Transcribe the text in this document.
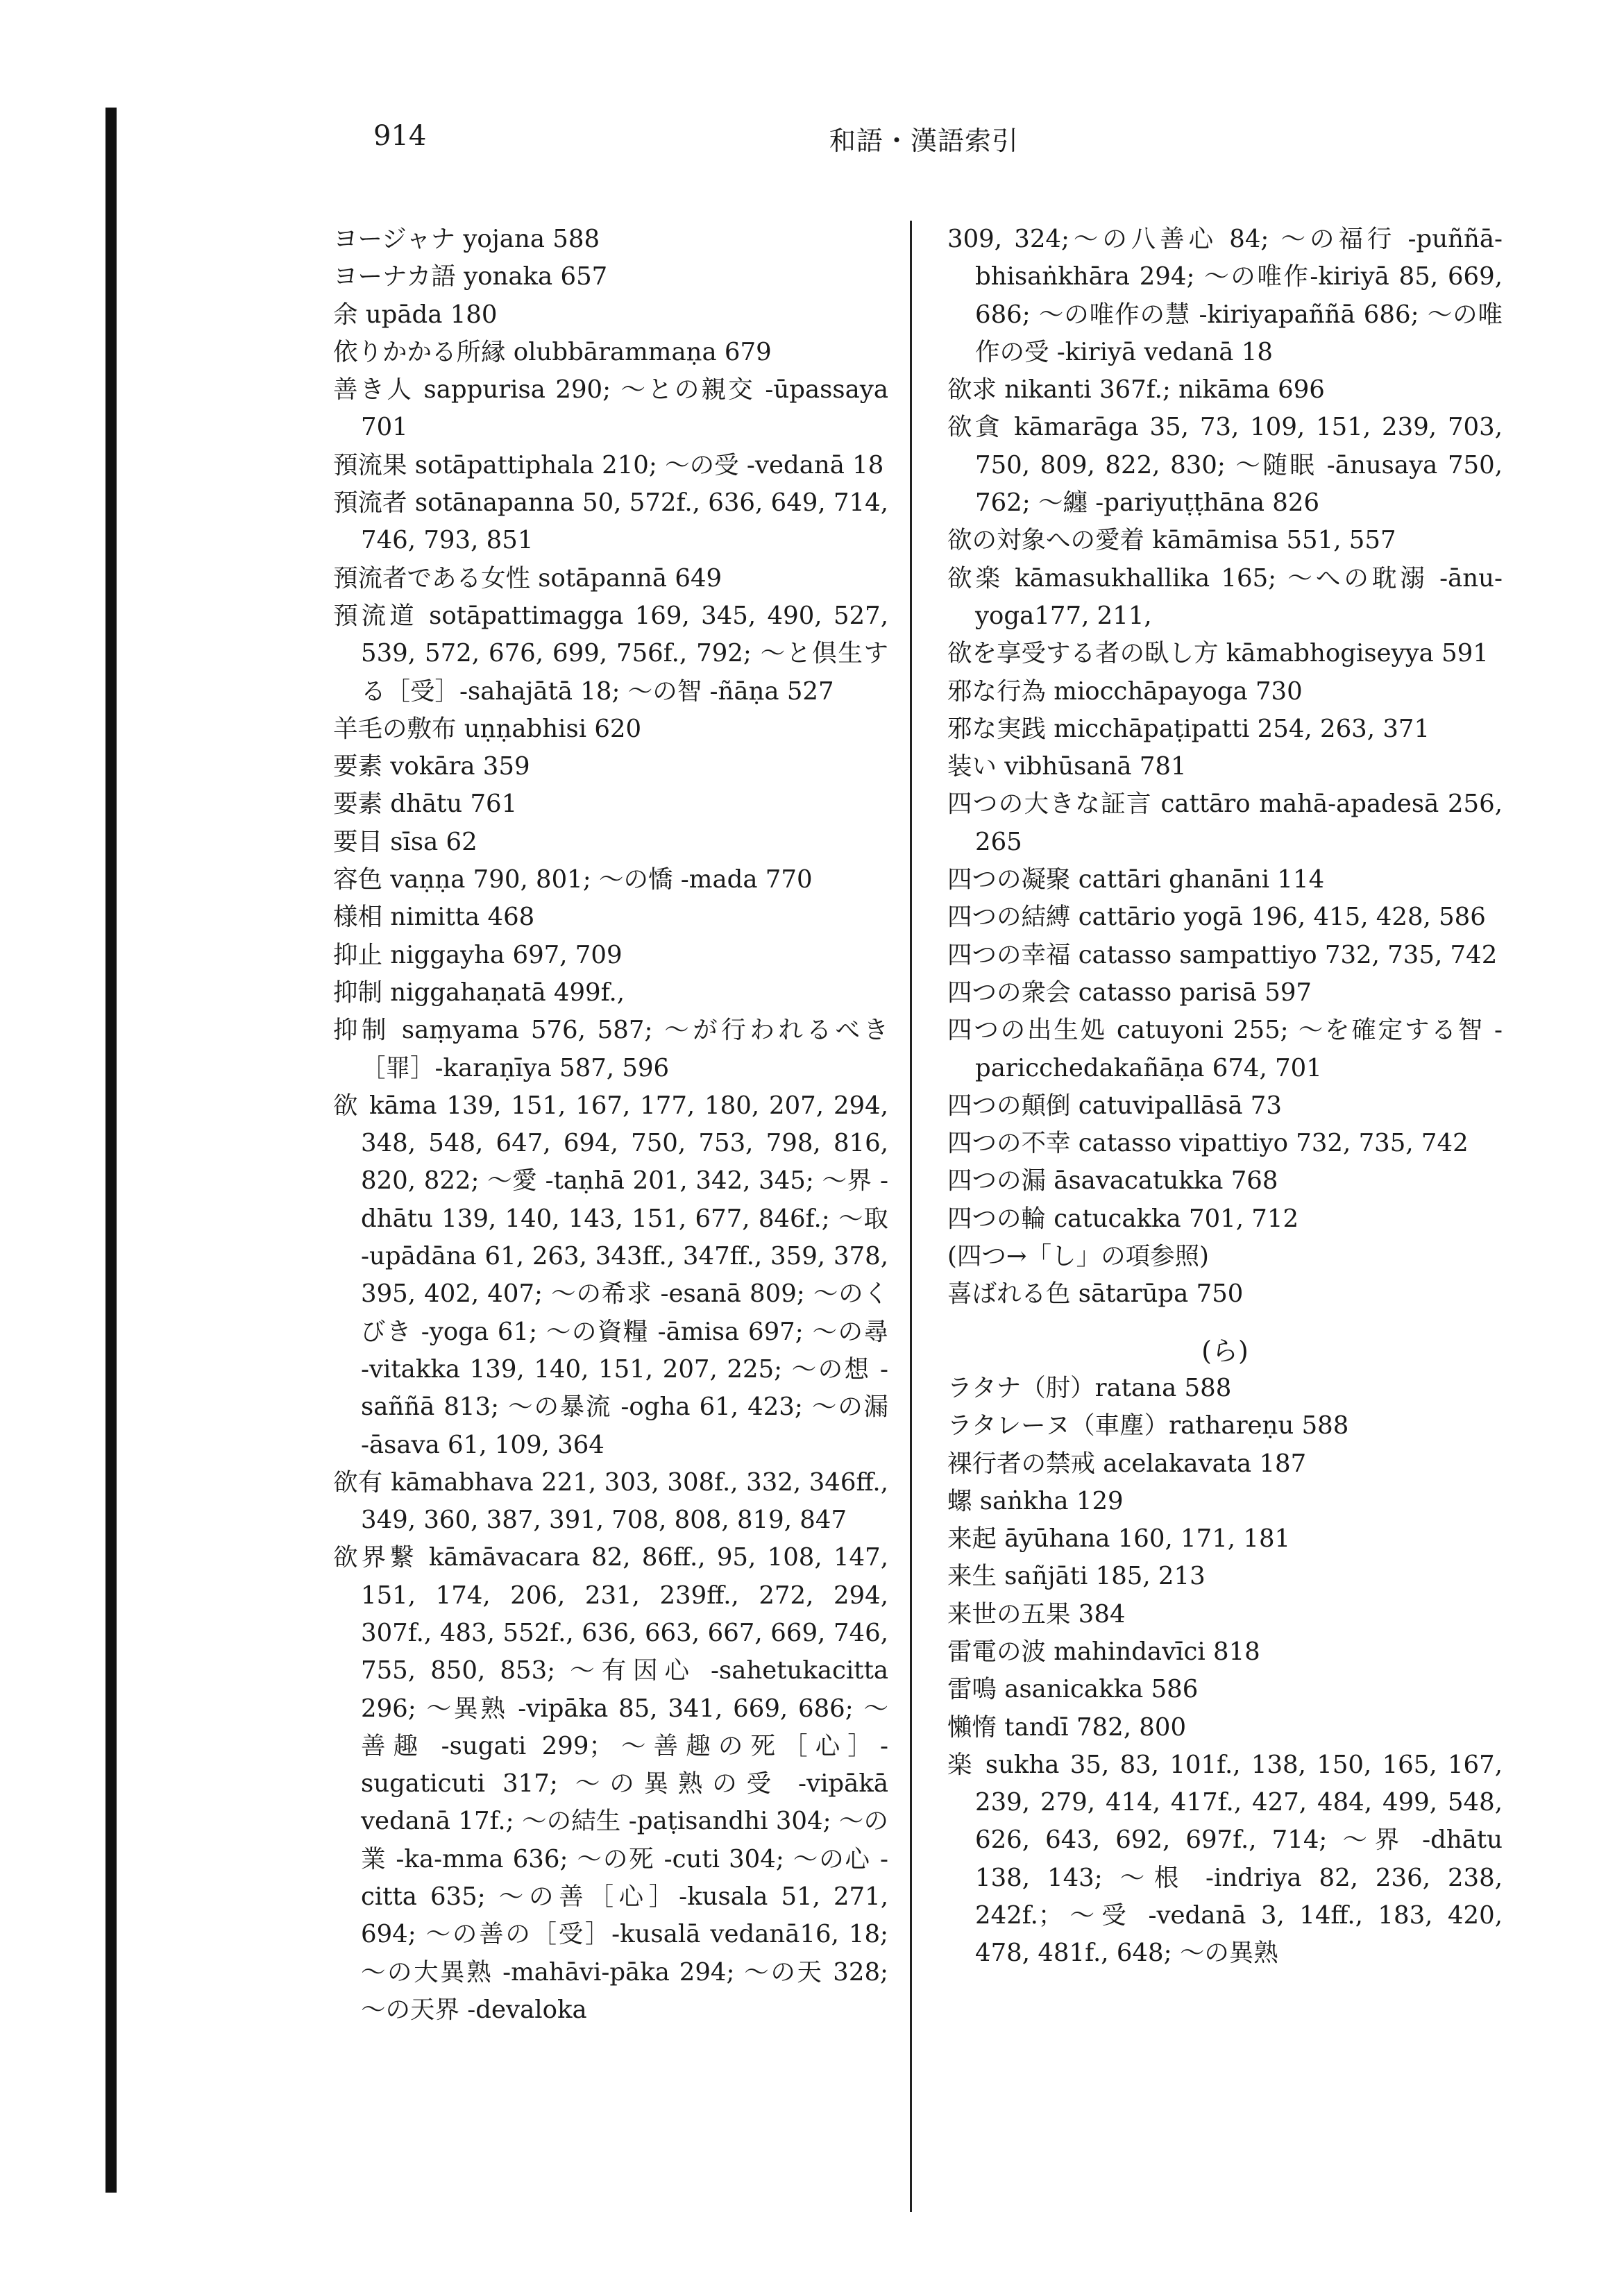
914	和語・漢語索引
ヨージャナ yojana 588
ヨーナカ語 yonaka 657
余 upāda 180
依りかかる所縁 olubbārammaṇa 679
善き人 sappurisa 290; ～との親交 -ūpassaya 701
預流果 sotāpattiphala 210; ～の受 -vedanā 18
預流者 sotānapanna 50, 572f., 636, 649, 714, 746, 793, 851
預流者である女性 sotāpannā 649
預流道 sotāpattimagga 169, 345, 490, 527, 539, 572, 676, 699, 756f., 792; ～と倶生する［受］-sahajātā 18; ～の智 -ñāṇa 527
羊毛の敷布 uṇṇabhisi 620
要素 vokāra 359
要素 dhātu 761
要目 sīsa 62
容色 vaṇṇa 790, 801; ～の憍 -mada 770
様相 nimitta 468
抑止 niggayha 697, 709
抑制 niggahaṇatā 499f.,
抑制 saṃyama 576, 587; ～が行われるべき［罪］-karaṇīya 587, 596
欲 kāma 139, 151, 167, 177, 180, 207, 294, 348, 548, 647, 694, 750, 753, 798, 816, 820, 822; ～愛 -taṇhā 201, 342, 345; ～界 -dhātu 139, 140, 143, 151, 677, 846f.; ～取 -upādāna 61, 263, 343ff., 347ff., 359, 378, 395, 402, 407; ～の希求 -esanā 809; ～のくびき -yoga 61; ～の資糧 -āmisa 697; ～の尋 -vitakka 139, 140, 151, 207, 225; ～の想 -saññā 813; ～の暴流 -ogha 61, 423; ～の漏 -āsava 61, 109, 364
欲有 kāmabhava 221, 303, 308f., 332, 346ff., 349, 360, 387, 391, 708, 808, 819, 847
欲界繋 kāmāvacara 82, 86ff., 95, 108, 147, 151, 174, 206, 231, 239ff., 272, 294, 307f., 483, 552f., 636, 663, 667, 669, 746, 755, 850, 853; ～有因心 -sahetukacitta 296; ～異熟 -vipāka 85, 341, 669, 686; ～善趣 -sugati 299；～善趣の死［心］-sugaticuti 317; ～の異熟の受 -vipākā vedanā 17f.; ～の結生 -paṭisandhi 304; ～の業 -ka-mma 636; ～の死 -cuti 304; ～の心 -citta 635; ～の善［心］-kusala 51, 271, 694; ～の善の［受］-kusalā vedanā16, 18; ～の大異熟 -mahāvi-pāka 294; ～の天 328; ～の天界 -devaloka
309, 324;～の八善心 84; ～の福行 -puññā-bhisaṅkhāra 294; ～の唯作-kiriyā 85, 669, 686; ～の唯作の慧 -kiriyapaññā 686; ～の唯作の受 -kiriyā vedanā 18
欲求 nikanti 367f.; nikāma 696
欲貪 kāmarāga 35, 73, 109, 151, 239, 703, 750, 809, 822, 830; ～随眠 -ānusaya 750, 762; ～纏 -pariyuṭṭhāna 826
欲の対象への愛着 kāmāmisa 551, 557
欲楽 kāmasukhallika 165; ～への耽溺 -ānu-yoga177, 211,
欲を享受する者の臥し方 kāmabhogiseyya 591
邪な行為 miocchāpayoga 730
邪な実践 micchāpaṭipatti 254, 263, 371
装い vibhūsanā 781
四つの大きな証言 cattāro mahā-apadesā 256, 265
四つの凝聚 cattāri ghanāni 114
四つの結縛 cattārio yogā 196, 415, 428, 586
四つの幸福 catasso sampattiyo 732, 735, 742
四つの衆会 catasso parisā 597
四つの出生処 catuyoni 255; ～を確定する智 -paricchedakañāṇa 674, 701
四つの顛倒 catuvipallāsā 73
四つの不幸 catasso vipattiyo 732, 735, 742
四つの漏 āsavacatukka 768
四つの輪 catucakka 701, 712
(四つ→「し」の項参照)
喜ばれる色 sātarūpa 750
(ら)
ラタナ（肘）ratana 588
ラタレーヌ（車塵）rathareṇu 588
裸行者の禁戒 acelakavata 187
螺 saṅkha 129
来起 āyūhana 160, 171, 181
来生 sañjāti 185, 213
来世の五果 384
雷電の波 mahindavīci 818
雷鳴 asanicakka 586
懶惰 tandī 782, 800
楽 sukha 35, 83, 101f., 138, 150, 165, 167, 239, 279, 414, 417f., 427, 484, 499, 548, 626, 643, 692, 697f., 714; ～界 -dhātu 138, 143; ～根 -indriya 82, 236, 238, 242f.；～受 -vedanā 3, 14ff., 183, 420, 478, 481f., 648; ～の異熟
